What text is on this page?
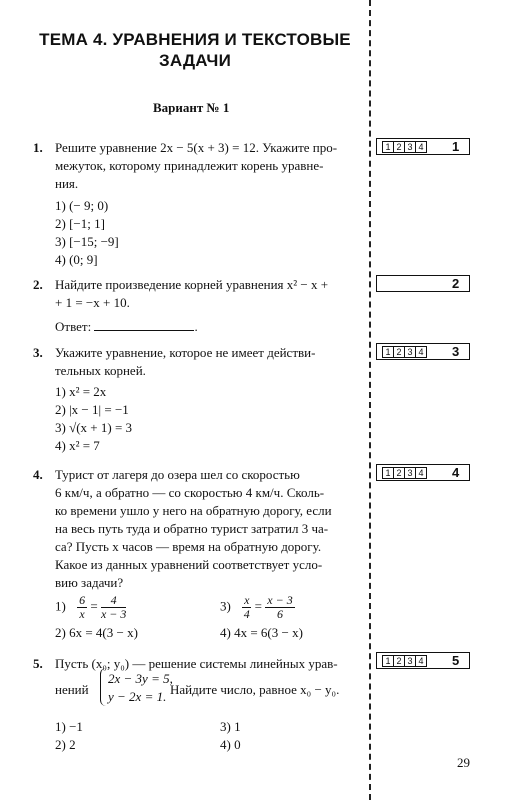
ТЕМА 4. УРАВНЕНИЯ И ТЕКСТОВЫЕ
ЗАДАЧИ
Вариант № 1
1. Решите уравнение 2x − 5(x + 3) = 12. Укажите про-
межуток, которому принадлежит корень уравне-
ния.
1) (− 9; 0)
2) [−1; 1]
3) [−15; −9]
4) (0; 9]
1 2 3 4 1
2. Найдите произведение корней уравнения x² − x +
+ 1 = −x + 10.
Ответ:	.
2
3. Укажите уравнение, которое не имеет действи-
тельных корней.
1) x² = 2x
2) |x − 1| = −1
3) √(x + 1) = 3
4) x² = 7
1 2 3 4 3
4. Турист от лагеря до озера шел со скоростью
6 км/ч, а обратно — со скоростью 4 км/ч. Сколь-
ко времени ушло у него на обратную дорогу, если
на весь путь туда и обратно турист затратил 3 ча-
са? Пусть x часов — время на обратную дорогу.
Какое из данных уравнений соответствует усло-
вию задачи?
$1) \frac{6}{x} = \frac{4}{x - 3}$	$3) \frac{x}{4} = \frac{x - 3}{6}$
2) 6x = 4(3 − x)	4) 4x = 6(3 − x)
1 2 3 4 4
5. Пусть (x₀; y₀) — решение системы линейных урав-
нений
2x − 3y = 5,
y − 2x = 1. Найдите число, равное x₀ − y₀.
1) −1
2) 2
3) 1
4) 0
1 2 3 4 5
29
